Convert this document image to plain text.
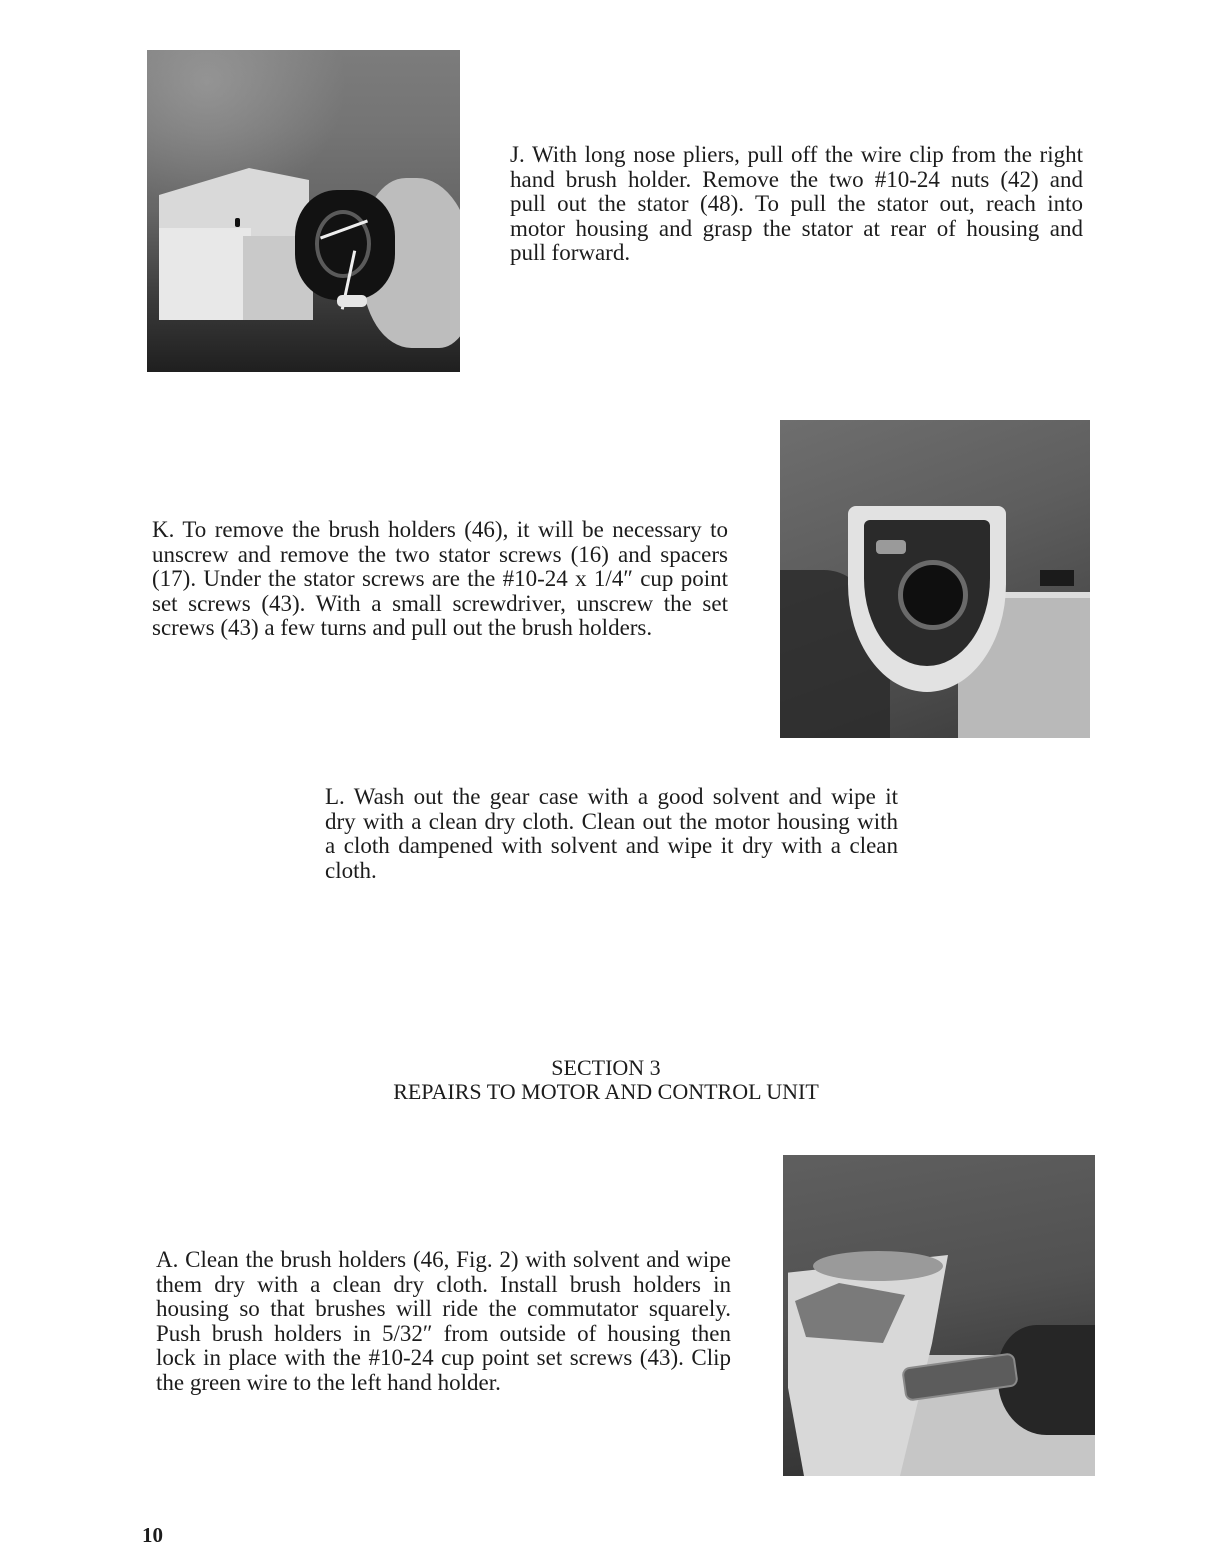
J. With long nose pliers, pull off the wire clip from the right
hand brush holder. Remove the two #10-24 nuts (42) and
pull out the stator (48). To pull the stator out, reach into
motor housing and grasp the stator at rear of housing and
pull forward.
K. To remove the brush holders (46), it will be necessary to
unscrew and remove the two stator screws (16) and spacers
(17). Under the stator screws are the #10-24 x 1/4″ cup point
set screws (43). With a small screwdriver, unscrew the set
screws (43) a few turns and pull out the brush holders.
L. Wash out the gear case with a good solvent and wipe it
dry with a clean dry cloth. Clean out the motor housing with
a cloth dampened with solvent and wipe it dry with a clean
cloth.
SECTION 3
REPAIRS TO MOTOR AND CONTROL UNIT
A. Clean the brush holders (46, Fig. 2) with solvent and wipe
them dry with a clean dry cloth. Install brush holders in
housing so that brushes will ride the commutator squarely.
Push brush holders in 5/32″ from outside of housing then
lock in place with the #10-24 cup point set screws (43). Clip
the green wire to the left hand holder.
10
